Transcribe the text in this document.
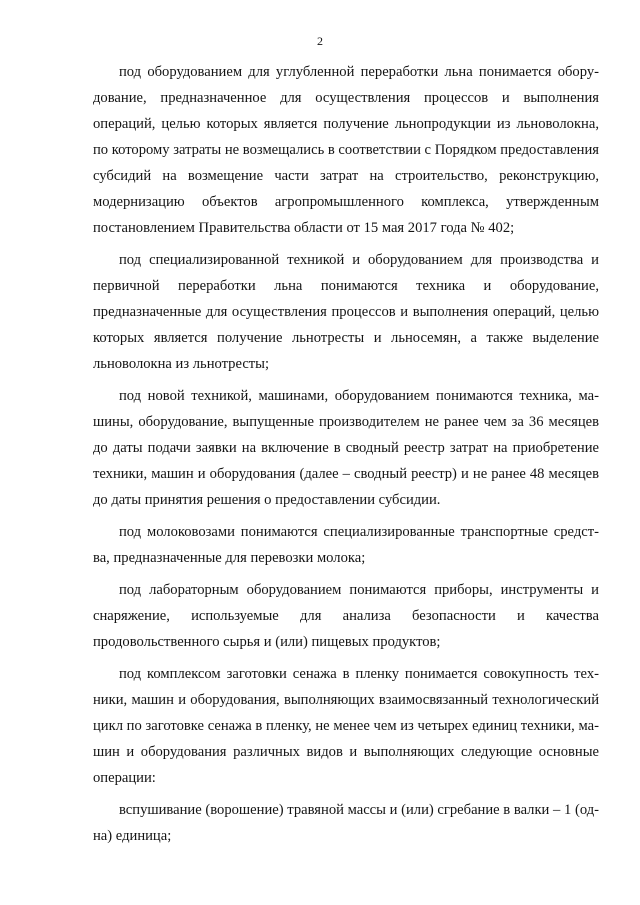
2

под оборудованием для углубленной переработки льна понимается оборудование, предназначенное для осуществления процессов и выполнения операций, целью которых является получение льнопродукции из льноволокна, по которому затраты не возмещались в соответствии с Порядком предоставления субсидий на возмещение части затрат на строительство, реконструкцию, модернизацию объектов агропромышленного комплекса, утвержденным постановлением Правительства области от 15 мая 2017 года № 402;

под специализированной техникой и оборудованием для производства и первичной переработки льна понимаются техника и оборудование, предназначенные для осуществления процессов и выполнения операций, целью которых является получение льнотресты и льносемян, а также выделение льноволокна из льнотресты;

под новой техникой, машинами, оборудованием понимаются техника, машины, оборудование, выпущенные производителем не ранее чем за 36 месяцев до даты подачи заявки на включение в сводный реестр затрат на приобретение техники, машин и оборудования (далее – сводный реестр) и не ранее 48 месяцев до даты принятия решения о предоставлении субсидии.

под молоковозами понимаются специализированные транспортные средства, предназначенные для перевозки молока;

под лабораторным оборудованием понимаются приборы, инструменты и снаряжение, используемые для анализа безопасности и качества продовольственного сырья и (или) пищевых продуктов;

под комплексом заготовки сенажа в пленку понимается совокупность техники, машин и оборудования, выполняющих взаимосвязанный технологический цикл по заготовке сенажа в пленку, не менее чем из четырех единиц техники, машин и оборудования различных видов и выполняющих следующие основные операции:

вспушивание (ворошение) травяной массы и (или) сгребание в валки – 1 (одна) единица;
